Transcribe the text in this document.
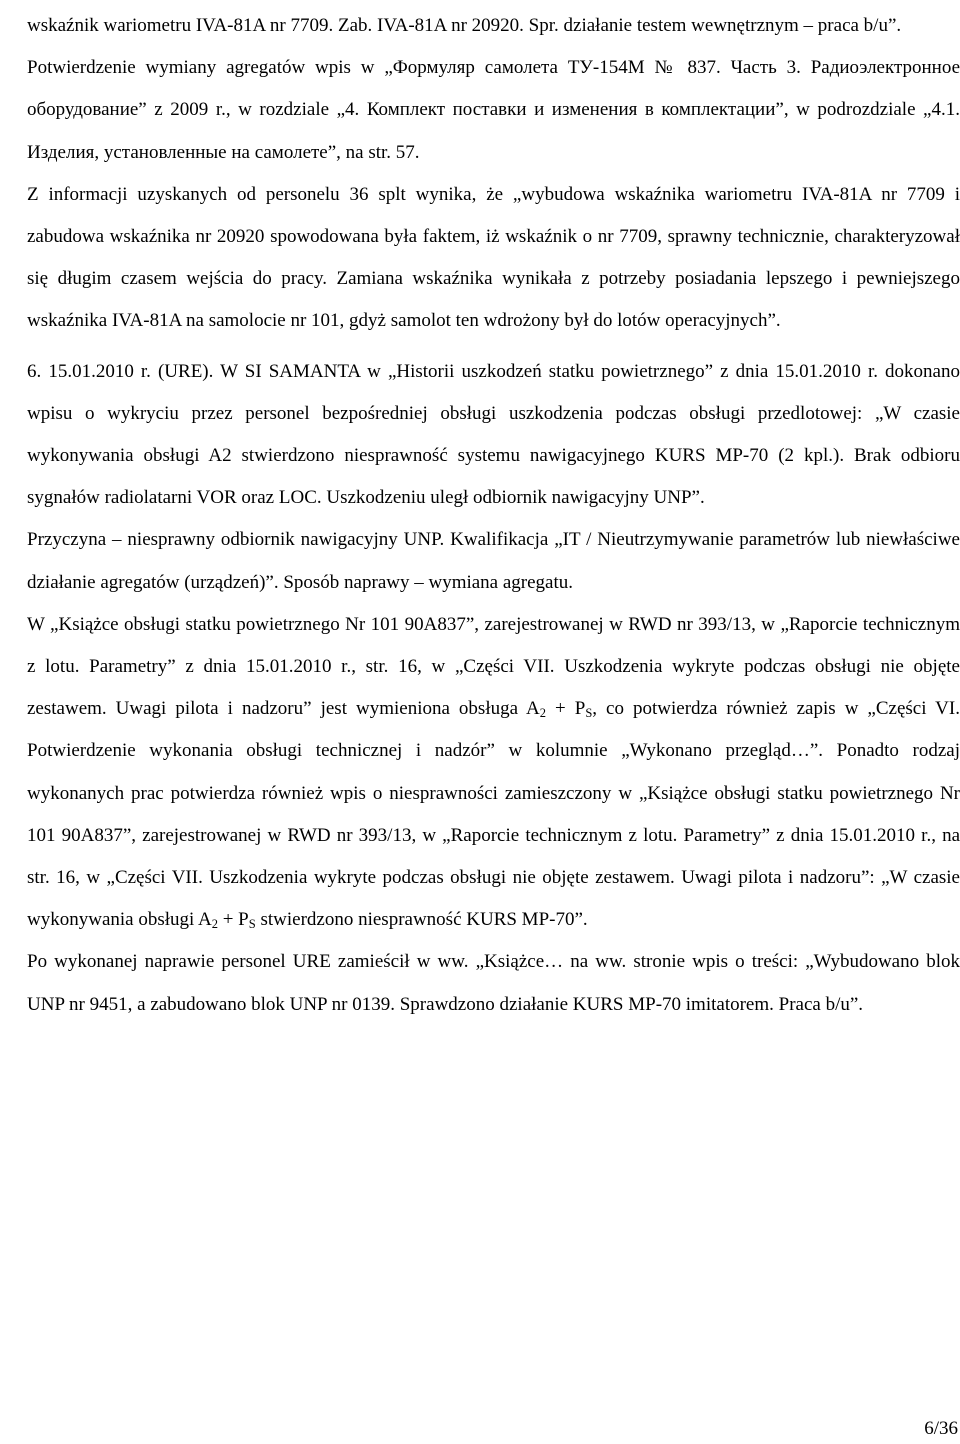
wskaźnik wariometru IVA-81A nr 7709. Zab. IVA-81A nr 20920. Spr. działanie testem wewnętrznym – praca b/u”.

Potwierdzenie wymiany agregatów wpis w „Формуляр самолета ТУ-154M № 837. Часть 3. Радиоэлектронное оборудование” z 2009 r., w rozdziale „4. Комплект поставки и изменения в комплектации”, w podrozdziale „4.1. Изделия, установленные на самолете”, na str. 57.

Z informacji uzyskanych od personelu 36 splt wynika, że „wybudowa wskaźnika wariometru IVA-81A nr 7709 i zabudowa wskaźnika nr 20920 spowodowana była faktem, iż wskaźnik o nr 7709, sprawny technicznie, charakteryzował się długim czasem wejścia do pracy. Zamiana wskaźnika wynikała z potrzeby posiadania lepszego i pewniejszego wskaźnika IVA-81A na samolocie nr 101, gdyż samolot ten wdrożony był do lotów operacyjnych”.

6. 15.01.2010 r. (URE). W SI SAMANTA w „Historii uszkodzeń statku powietrznego” z dnia 15.01.2010 r. dokonano wpisu o wykryciu przez personel bezpośredniej obsługi uszkodzenia podczas obsługi przedlotowej: „W czasie wykonywania obsługi A2 stwierdzono niesprawność systemu nawigacyjnego KURS MP-70 (2 kpl.). Brak odbioru sygnałów radiolatarni VOR oraz LOC. Uszkodzeniu uległ odbiornik nawigacyjny UNP”.

Przyczyna – niesprawny odbiornik nawigacyjny UNP. Kwalifikacja „IT / Nieutrzymywanie parametrów lub niewłaściwe działanie agregatów (urządzeń)”. Sposób naprawy – wymiana agregatu.

W „Książce obsługi statku powietrznego Nr 101 90A837”, zarejestrowanej w RWD nr 393/13, w „Raporcie technicznym z lotu. Parametry” z dnia 15.01.2010 r., str. 16, w „Części VII. Uszkodzenia wykryte podczas obsługi nie objęte zestawem. Uwagi pilota i nadzoru” jest wymieniona obsługa $A_2 + P_S$, co potwierdza również zapis w „Części VI. Potwierdzenie wykonania obsługi technicznej i nadzór” w kolumnie „Wykonano przegląd…”. Ponadto rodzaj wykonanych prac potwierdza również wpis o niesprawności zamieszczony w „Książce obsługi statku powietrznego Nr 101 90A837”, zarejestrowanej w RWD nr 393/13, w „Raporcie technicznym z lotu. Parametry” z dnia 15.01.2010 r., na str. 16, w „Części VII. Uszkodzenia wykryte podczas obsługi nie objęte zestawem. Uwagi pilota i nadzoru”: „W czasie wykonywania obsługi $A_2 + P_S$ stwierdzono niesprawność KURS MP-70”.

Po wykonanej naprawie personel URE zamieścił w ww. „Książce… na ww. stronie wpis o treści: „Wybudowano blok UNP nr 9451, a zabudowano blok UNP nr 0139. Sprawdzono działanie KURS MP-70 imitatorem. Praca b/u”.

6/36
